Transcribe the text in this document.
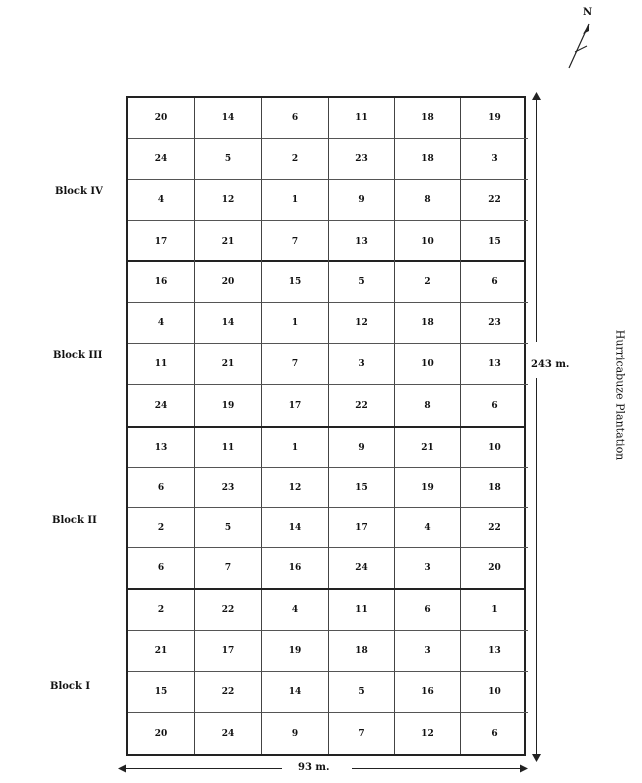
N
20	14	6	11	18	19
24	5	2	23	18	3
4	12	1	9	8	22
17	21	7	13	10	15
16	20	15	5	2	6
4	14	1	12	18	23
11	21	7	3	10	13
24	19	17	22	8	6
13	11	1	9	21	10
6	23	12	15	19	18
2	5	14	17	4	22
6	7	16	24	3	20
2	22	4	11	6	1
21	17	19	18	3	13
15	22	14	5	16	10
20	24	9	7	12	6
Block IV
Block III
Block II
Block I
243 m.
93 m.
Hurricabuze Plantation
